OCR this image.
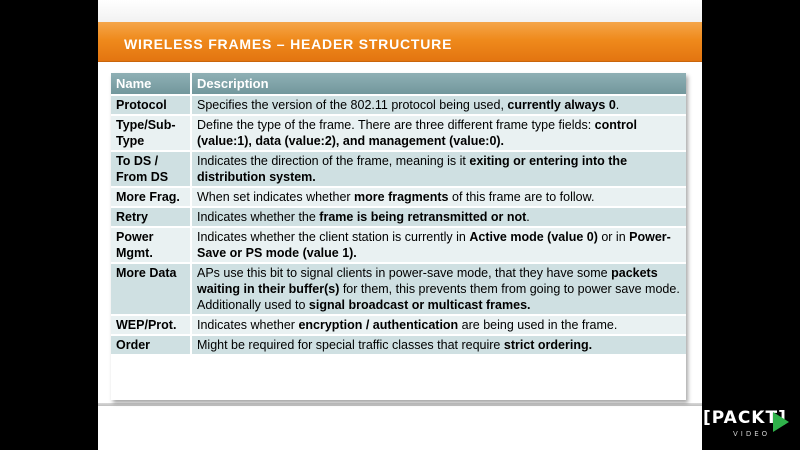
WIRELESS FRAMES – HEADER STRUCTURE
Name	Description
Protocol	Specifies the version of the 802.11 protocol being used, currently always 0.
Type/Sub-Type	Define the type of the frame. There are three different frame type fields: control (value:1), data (value:2), and management (value:0).
To DS / From DS	Indicates the direction of the frame, meaning is it exiting or entering into the distribution system.
More Frag.	When set indicates whether more fragments of this frame are to follow.
Retry	Indicates whether the frame is being retransmitted or not.
Power Mgmt.	Indicates whether the client station is currently in Active mode (value 0) or in Power-Save or PS mode (value 1).
More Data	APs use this bit to signal clients in power-save mode, that they have some packets waiting in their buffer(s) for them, this prevents them from going to power save mode. Additionally used to signal broadcast or multicast frames.
WEP/Prot.	Indicates whether encryption / authentication are being used in the frame.
Order	Might be required for special traffic classes that require strict ordering.
[PACKT]
VIDEO
